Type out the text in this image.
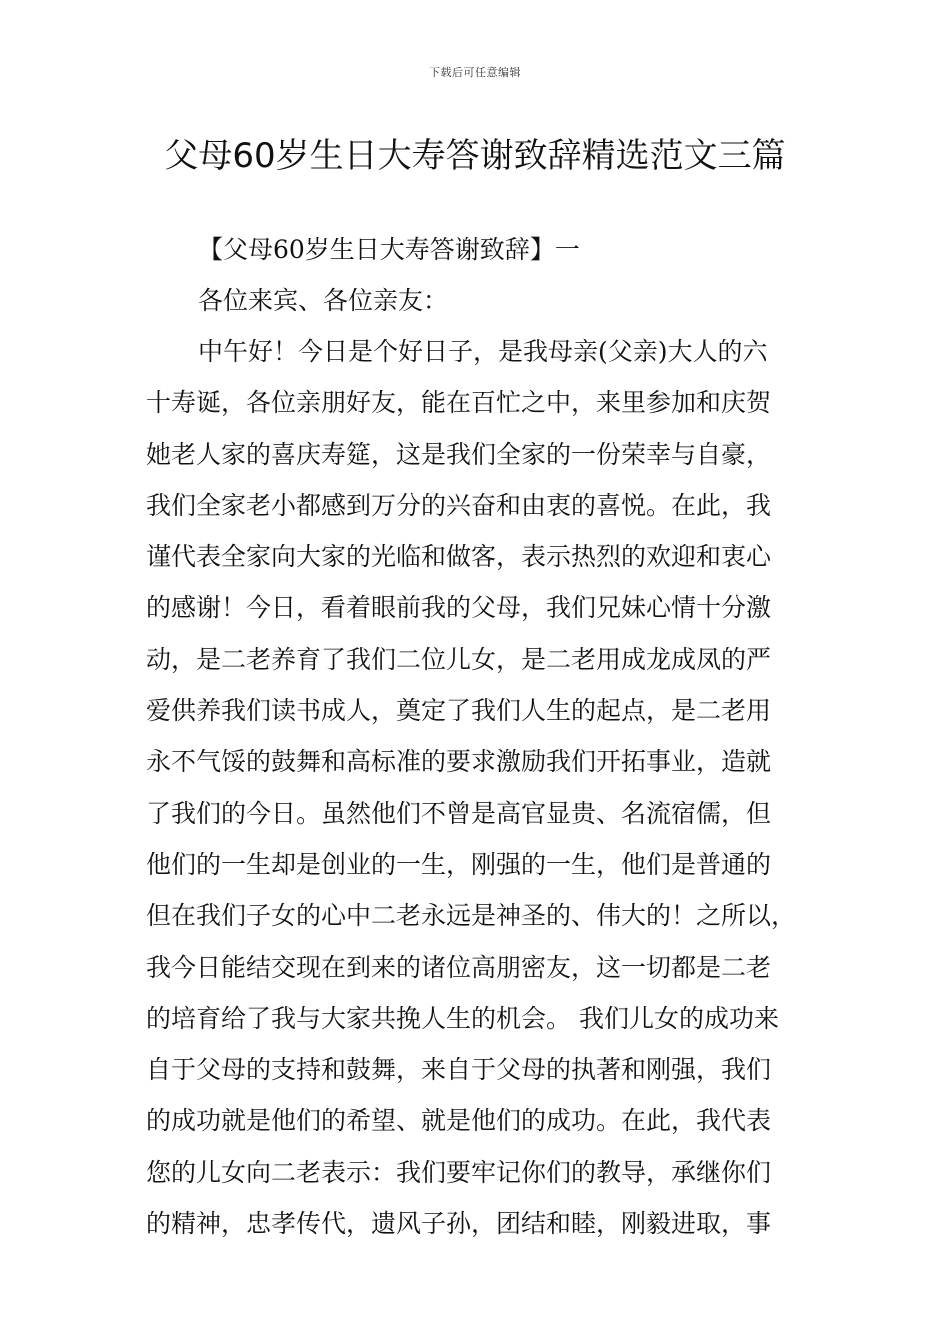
下载后可任意编辑
父母60岁生日大寿答谢致辞精选范文三篇
【父母60岁生日大寿答谢致辞】一
各位来宾、各位亲友：
中午好！今日是个好日子，是我母亲(父亲)大人的六
十寿诞，各位亲朋好友，能在百忙之中，来里参加和庆贺
她老人家的喜庆寿筵，这是我们全家的一份荣幸与自豪，
我们全家老小都感到万分的兴奋和由衷的喜悦。在此，我
谨代表全家向大家的光临和做客，表示热烈的欢迎和衷心
的感谢！今日，看着眼前我的父母，我们兄妹心情十分激
动，是二老养育了我们二位儿女，是二老用成龙成凤的严
爱供养我们读书成人，奠定了我们人生的起点，是二老用
永不气馁的鼓舞和高标准的要求激励我们开拓事业，造就
了我们的今日。虽然他们不曾是高官显贵、名流宿儒，但
他们的一生却是创业的一生，刚强的一生，他们是普通的
但在我们子女的心中二老永远是神圣的、伟大的！之所以，
我今日能结交现在到来的诸位高朋密友，这一切都是二老
的培育给了我与大家共挽人生的机会。 我们儿女的成功来
自于父母的支持和鼓舞，来自于父母的执著和刚强，我们
的成功就是他们的希望、就是他们的成功。在此，我代表
您的儿女向二老表示：我们要牢记你们的教导，承继你们
的精神，忠孝传代，遗风子孙，团结和睦，刚毅进取，事
